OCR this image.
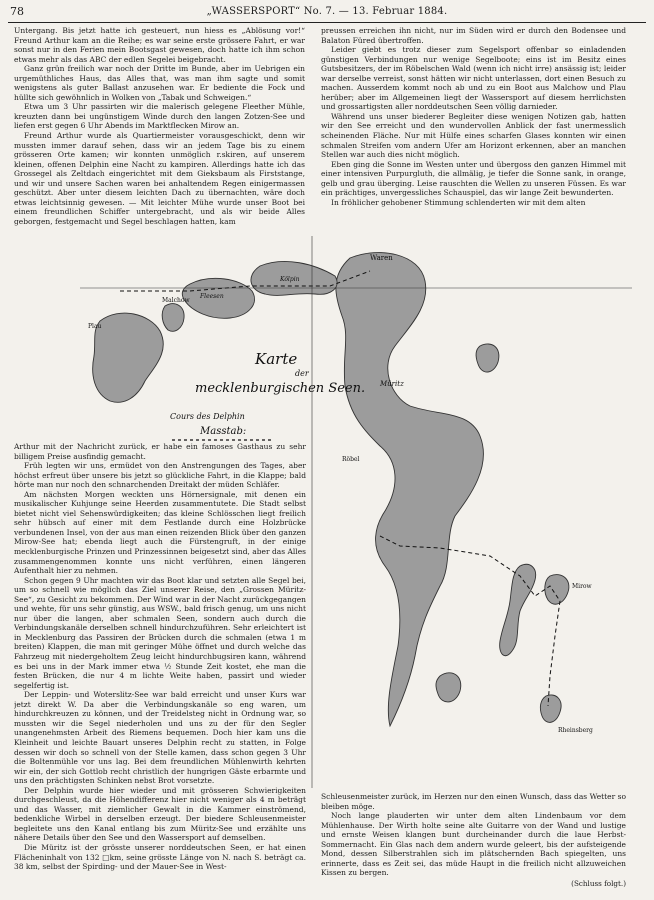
78	„WASSERSPORT“ No. 7. — 13. Februar 1884.

Untergang. Bis jetzt hatte ich gesteuert, nun hiess es „Ablösung vor!“ Freund Arthur kam an die Reihe; es war seine erste grössere Fahrt, er war sonst nur in den Ferien mein Bootsgast gewesen, doch hatte ich ihm schon etwas mehr als das ABC der edlen Segelei beigebracht.

Ganz grün freilich war noch der Dritte im Bunde, aber im Uebrigen ein urgemüthliches Haus, das Alles that, was man ihm sagte und somit wenigstens als guter Ballast anzusehen war. Er bediente die Fock und hüllte sich gewöhnlich in Wolken von „Tabak und Schweigen.“

Etwa um 3 Uhr passirten wir die malerisch gelegene Fleether Mühle, kreuzten dann bei ungünstigem Winde durch den langen Zotzen-See und liefen erst gegen 6 Uhr Abends im Marktflecken Mirow an.

Freund Arthur wurde als Quartiermeister vorausgeschickt, denn wir mussten immer darauf sehen, dass wir an jedem Tage bis zu einem grösseren Orte kamen; wir konnten unmöglich r.skiren, auf unserem kleinen, offenen Delphin eine Nacht zu kampiren. Allerdings hatte ich das Grossegel als Zeltdach eingerichtet mit dem Gieksbaum als Firststange, und wir und unsere Sachen waren bei anhaltendem Regen einigermassen geschützt. Aber unter diesem leichten Dach zu übernachten, wäre doch etwas leichtsinnig gewesen. — Mit leichter Mühe wurde unser Boot bei einem freundlichen Schiffer untergebracht, und als wir beide Alles geborgen, festgemacht und Segel beschlagen hatten, kam

preussen erreichen ihn nicht, nur im Süden wird er durch den Bodensee und Balaton Füred übertroffen.

Leider giebt es trotz dieser zum Segelsport offenbar so einladenden günstigen Verbindungen nur wenige Segelboote; eins ist im Besitz eines Gutsbesitzers, der im Röbelschen Wald (wenn ich nicht irre) ansässig ist; leider war derselbe verreist, sonst hätten wir nicht unterlassen, dort einen Besuch zu machen. Ausserdem kommt noch ab und zu ein Boot aus Malchow und Plau herüber; aber im Allgemeinen liegt der Wassersport auf diesem herrlichsten und grossartigsten aller norddeutschen Seen völlig darnieder.

Während uns unser biederer Begleiter diese wenigen Notizen gab, hatten wir den See erreicht und den wundervollen Anblick der fast unermesslich scheinenden Fläche. Nur mit Hülfe eines scharfen Glases konnten wir einen schmalen Streifen vom andern Ufer am Horizont erkennen, aber an manchen Stellen war auch dies nicht möglich.

Eben ging die Sonne im Westen unter und übergoss den ganzen Himmel mit einer intensiven Purpurgluth, die allmälig, je tiefer die Sonne sank, in orange, gelb und grau überging. Leise rauschten die Wellen zu unseren Füssen. Es war ein prächtiges, unvergessliches Schauspiel, das wir lange Zeit bewunderten.

In fröhlicher gehobener Stimmung schlenderten wir mit dem alten

Karte
der
mecklenburgischen Seen.
Cours des Delphin
Masstab:
Waren
Malchow
Plau
Röbel
Mirow
Rheinsberg
Müritz
Kölpin
Fleesen

Arthur mit der Nachricht zurück, er habe ein famoses Gasthaus zu sehr billigem Preise ausfindig gemacht.

Früh legten wir uns, ermüdet von den Anstrengungen des Tages, aber höchst erfreut über unsere bis jetzt so glückliche Fahrt, in die Klappe; bald hörte man nur noch den schnarchenden Dreitakt der müden Schläfer.

Am nächsten Morgen weckten uns Hörnersignale, mit denen ein musikalischer Kuhjunge seine Heerden zusammentutete. Die Stadt selbst bietet nicht viel Sehenswürdigkeiten; das kleine Schlösschen liegt freilich sehr hübsch auf einer mit dem Festlande durch eine Holzbrücke verbundenen Insel, von der aus man einen reizenden Blick über den ganzen Mirow-See hat; ebenda liegt auch die Fürstengruft, in der einige mecklenburgische Prinzen und Prinzessinnen beigesetzt sind, aber das Alles zusammengenommen konnte uns nicht verführen, einen längeren Aufenthalt hier zu nehmen.

Schon gegen 9 Uhr machten wir das Boot klar und setzten alle Segel bei, um so schnell wie möglich das Ziel unserer Reise, den „Grossen Müritz-See“, zu Gesicht zu bekommen. Der Wind war in der Nacht zurückgegangen und wehte, für uns sehr günstig, aus WSW., bald frisch genug, um uns nicht nur über die langen, aber schmalen Seen, sondern auch durch die Verbindungskanäle derselben schnell hindurchzuführen. Sehr erleichtert ist in Mecklenburg das Passiren der Brücken durch die schmalen (etwa 1 m breiten) Klappen, die man mit geringer Mühe öffnet und durch welche das Fahrzeug mit niedergeholtem Zeug leicht hindurchbugsiren kann, während es bei uns in der Mark immer etwa ½ Stunde Zeit kostet, ehe man die festen Brücken, die nur 4 m lichte Weite haben, passirt und wieder segelfertig ist.

Der Leppin- und Woterslitz-See war bald erreicht und unser Kurs war jetzt direkt W. Da aber die Verbindungskanäle so eng waren, um hindurchkreuzen zu können, und der Treidelsteg nicht in Ordnung war, so mussten wir die Segel niederholen und uns zu der für den Segler unangenehmsten Arbeit des Riemens bequemen. Doch hier kam uns die Kleinheit und leichte Bauart unseres Delphin recht zu statten, in Folge dessen wir doch so schnell von der Stelle kamen, dass schon gegen 3 Uhr die Boltenmühle vor uns lag. Bei dem freundlichen Mühlenwirth kehrten wir ein, der sich Gottlob recht christlich der hungrigen Gäste erbarmte und uns den prächtigsten Schinken nebst Brot vorsetzte.

Der Delphin wurde hier wieder und mit grösseren Schwierigkeiten durchgeschleust, da die Höhendifferenz hier nicht weniger als 4 m beträgt und das Wasser, mit ziemlicher Gewalt in die Kammer einströmend, bedenkliche Wirbel in derselben erzeugt. Der biedere Schleusenmeister begleitete uns den Kanal entlang bis zum Müritz-See und erzählte uns nähere Details über den See und den Wassersport auf demselben.

Die Müritz ist der grösste unserer norddeutschen Seen, er hat einen Flächeninhalt von 132 □km, seine grösste Länge von N. nach S. beträgt ca. 38 km, selbst der Spirding- und der Mauer-See in West-

Schleusenmeister zurück, im Herzen nur den einen Wunsch, dass das Wetter so bleiben möge.

Noch lange plauderten wir unter dem alten Lindenbaum vor dem Mühlenhause. Der Wirth holte seine alte Guitarre von der Wand und lustige und ernste Weisen klangen bunt durcheinander durch die laue Herbst-Sommernacht. Ein Glas nach dem andern wurde geleert, bis der aufsteigende Mond, dessen Silberstrahlen sich im plätschernden Bach spiegelten, uns erinnerte, dass es Zeit sei, das müde Haupt in die freilich nicht allzuweichen Kissen zu bergen.

(Schluss folgt.)
